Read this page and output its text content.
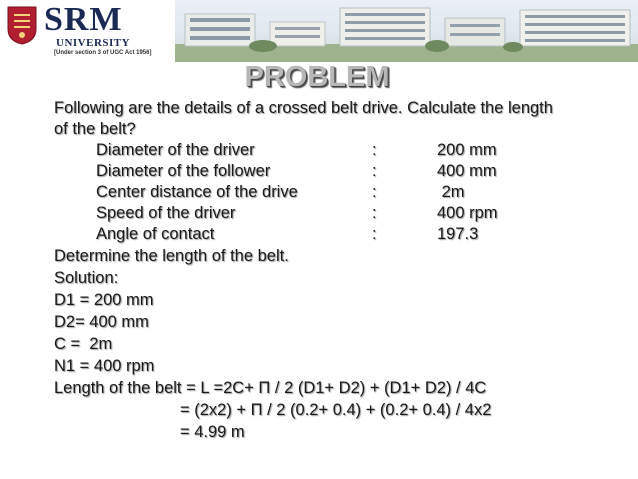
SRM
UNIVERSITY
[Under section 3 of UGC Act 1956]
PROBLEM
Following are the details of a crossed belt drive. Calculate the length
of the belt?
Diameter of the driver	:	200 mm
Diameter of the follower	:	400 mm
Center distance of the drive	:	2m
Speed of the driver	:	400 rpm
Angle of contact	:	197.3
Determine the length of the belt.
Solution:
D1 = 200 mm
D2= 400 mm
C =  2m
N1 = 400 rpm
Length of the belt = L =2C+ Π / 2 (D1+ D2) + (D1+ D2) / 4C
= (2x2) + Π / 2 (0.2+ 0.4) + (0.2+ 0.4) / 4x2
= 4.99 m
